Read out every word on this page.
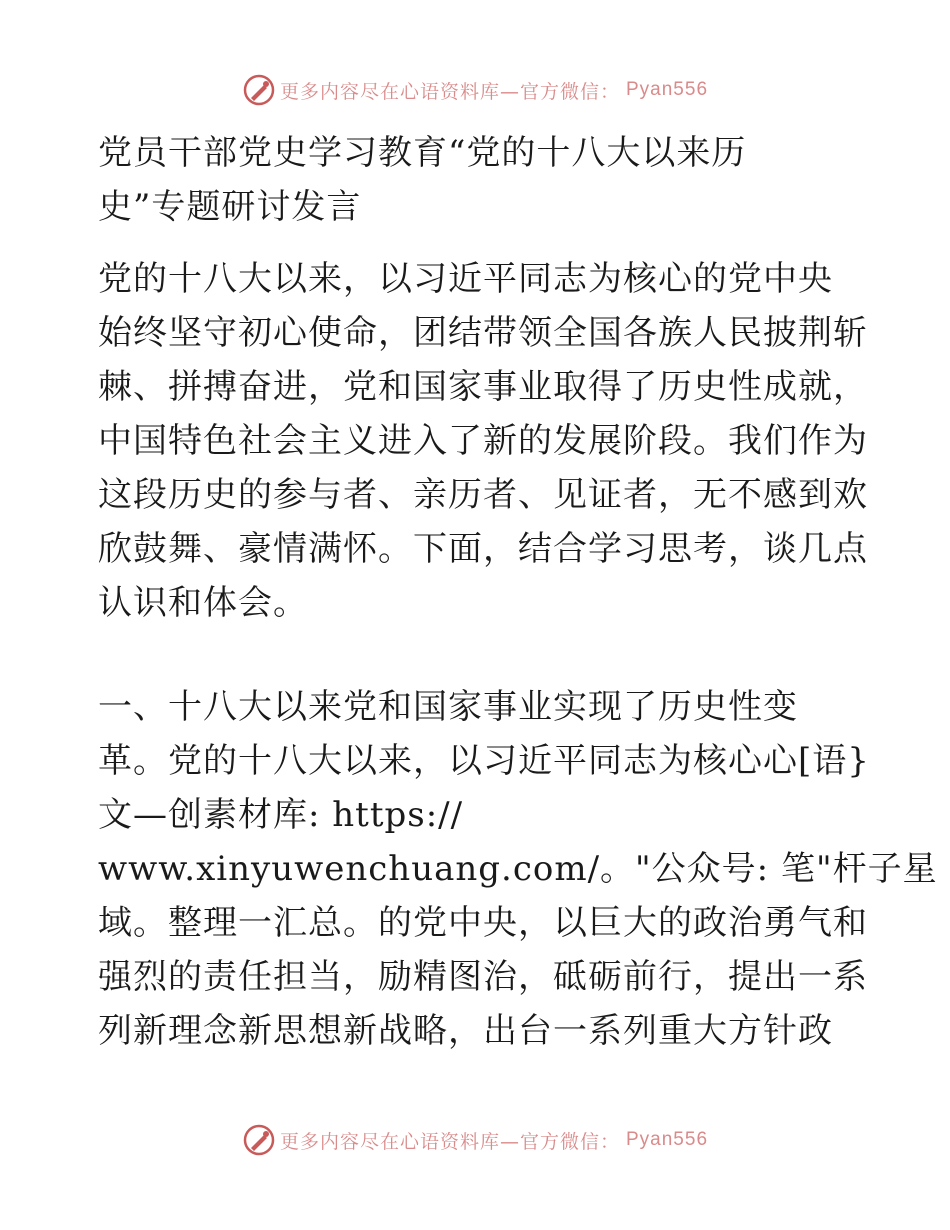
更多内容尽在心语资料库—官方微信： Pyan556
党员干部党史学习教育“党的十八大以来历
史”专题研讨发言
党的十八大以来，以习近平同志为核心的党中央
始终坚守初心使命，团结带领全国各族人民披荆斩
棘、拼搏奋进，党和国家事业取得了历史性成就，
中国特色社会主义进入了新的发展阶段。我们作为
这段历史的参与者、亲历者、见证者，无不感到欢
欣鼓舞、豪情满怀。下面，结合学习思考，谈几点
认识和体会。
一、十八大以来党和国家事业实现了历史性变
革。党的十八大以来，以习近平同志为核心心[语}
文—创素材库: https://
www.xinyuwenchuang.com/。"公众号: 笔"杆子星
域。整理一汇总。的党中央，以巨大的政治勇气和
强烈的责任担当，励精图治，砥砺前行，提出一系
列新理念新思想新战略，出台一系列重大方针政
更多内容尽在心语资料库—官方微信： Pyan556
